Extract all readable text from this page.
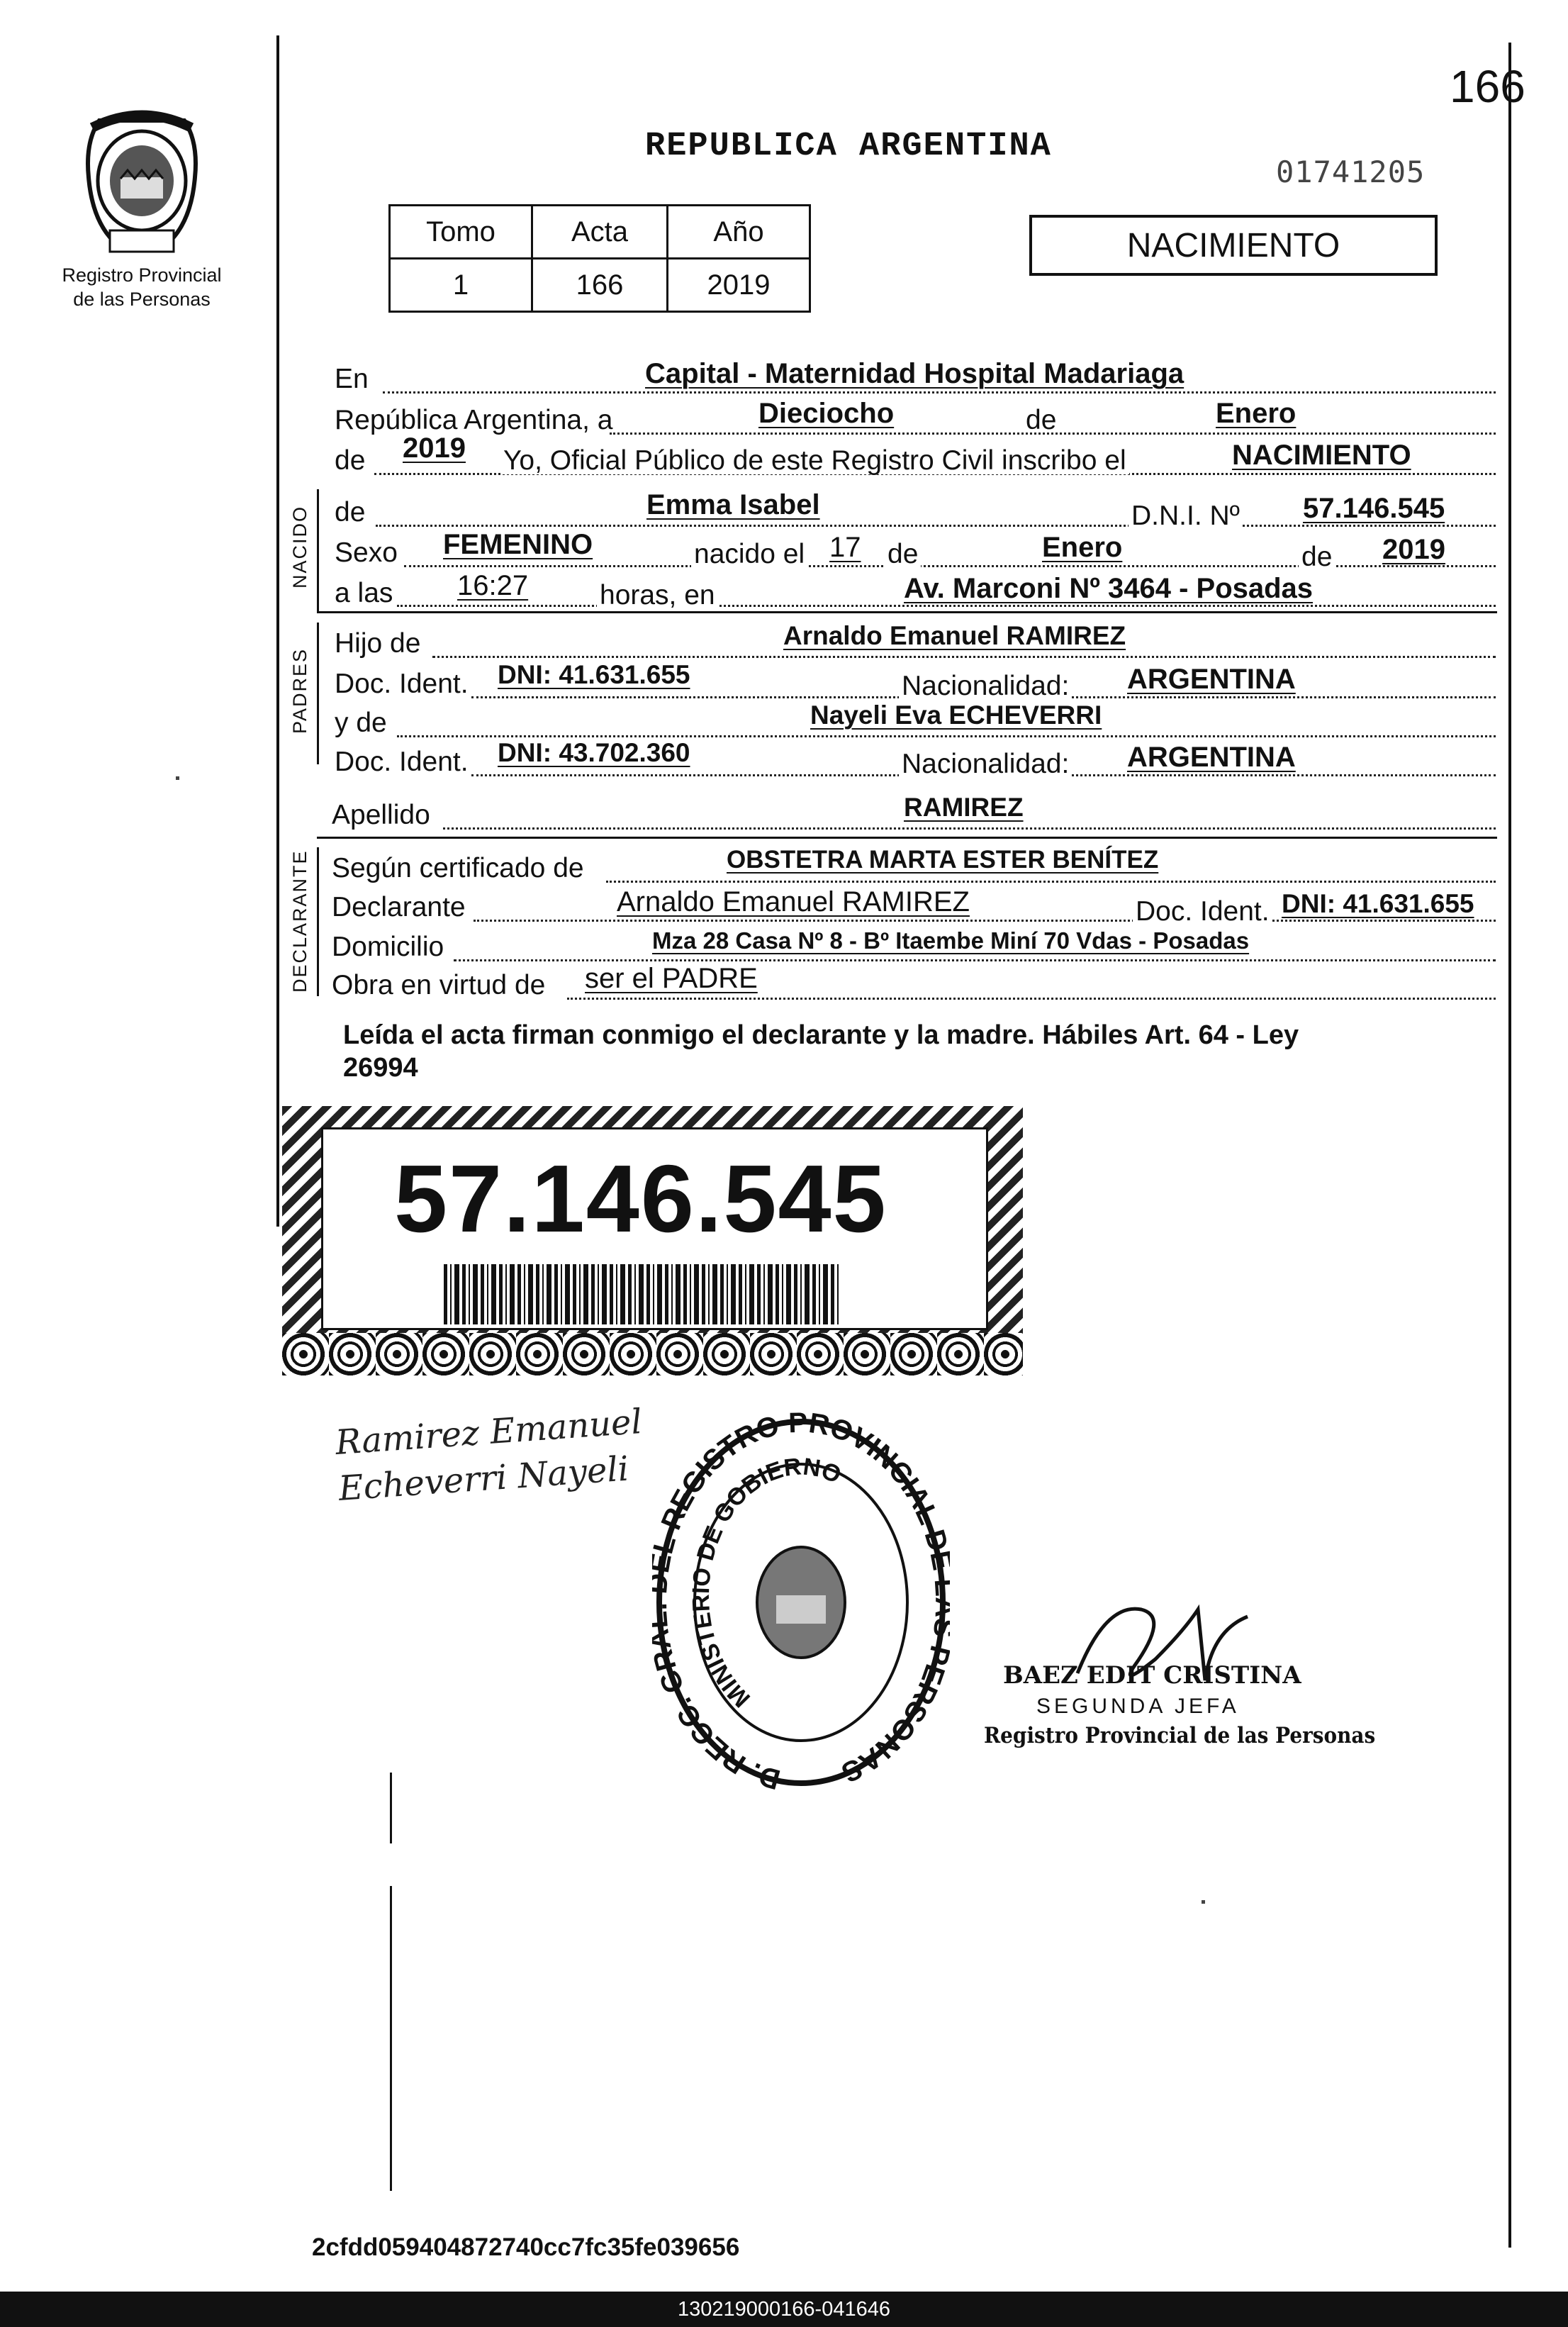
166
Registro Provincial
de las Personas
REPUBLICA ARGENTINA
01741205
NACIMIENTO
Tomo	Acta	Año
1	166	2019
En	Capital - Maternidad Hospital Madariaga
República Argentina, a	Dieciocho	de	Enero
de 2019 Yo, Oficial Público de este Registro Civil inscribo el	NACIMIENTO
NACIDO de	Emma Isabel	D.N.I. Nº 57.146.545
Sexo FEMENINO	nacido el 17 de	Enero	de 2019
a las 16:27	horas, en	Av. Marconi Nº 3464 - Posadas
PADRES
Hijo de	Arnaldo Emanuel RAMIREZ
Doc. Ident. DNI: 41.631.655	Nacionalidad: ARGENTINA
y de	Nayeli Eva ECHEVERRI
Doc. Ident. DNI: 43.702.360	Nacionalidad: ARGENTINA
Apellido	RAMIREZ
DECLARANTE Según certificado de	OBSTETRA MARTA ESTER BENÍTEZ
Declarante	Arnaldo Emanuel RAMIREZ	Doc. Ident. DNI: 41.631.655
Domicilio	Mza 28 Casa Nº 8 - Bº Itaembe Miní 70 Vdas - Posadas
Obra en virtud de ser el PADRE
Leída el acta firman conmigo el declarante y la madre. Hábiles Art. 64 - Ley
26994
57.146.545
Ramirez Emanuel
Echeverri Nayeli
D. RECC. G REGISTRO PROVINCIAL ERSONAS
MINISTERIO DE GOBIERNO
BAEZ EDIT CRISTINA
SEGUNDA JEFA
Registro Provincial de las Personas
2cfdd059404872740cc7fc35fe039656
130219000166-041646
